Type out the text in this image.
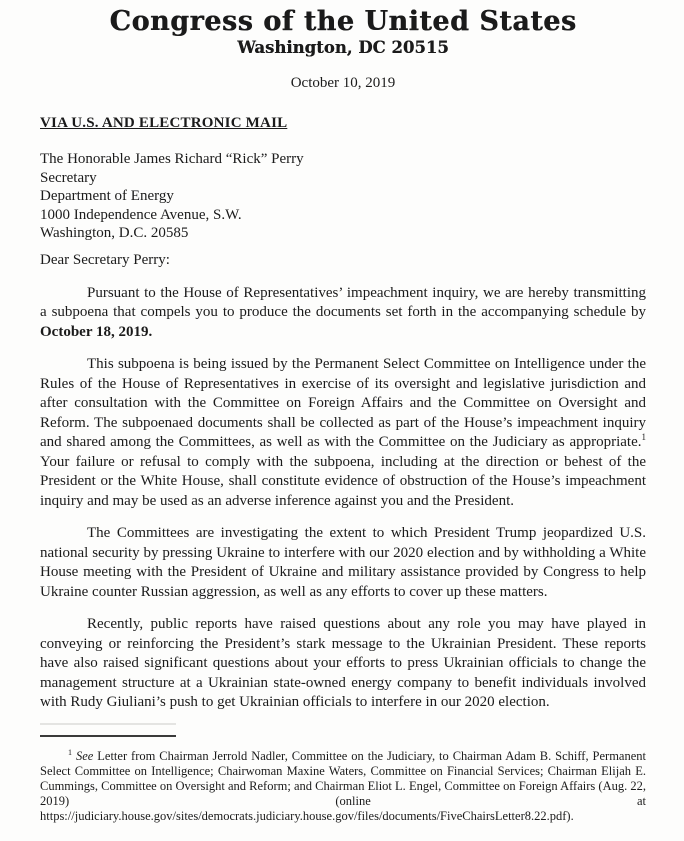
Congress of the United States
Washington, DC 20515
October 10, 2019
VIA U.S. AND ELECTRONIC MAIL
The Honorable James Richard “Rick” Perry
Secretary
Department of Energy
1000 Independence Avenue, S.W.
Washington, D.C. 20585
Dear Secretary Perry:

Pursuant to the House of Representatives’ impeachment inquiry, we are hereby transmitting a subpoena that compels you to produce the documents set forth in the accompanying schedule by October 18, 2019.

This subpoena is being issued by the Permanent Select Committee on Intelligence under the Rules of the House of Representatives in exercise of its oversight and legislative jurisdiction and after consultation with the Committee on Foreign Affairs and the Committee on Oversight and Reform. The subpoenaed documents shall be collected as part of the House’s impeachment inquiry and shared among the Committees, as well as with the Committee on the Judiciary as appropriate.$^1$ Your failure or refusal to comply with the subpoena, including at the direction or behest of the President or the White House, shall constitute evidence of obstruction of the House’s impeachment inquiry and may be used as an adverse inference against you and the President.

The Committees are investigating the extent to which President Trump jeopardized U.S. national security by pressing Ukraine to interfere with our 2020 election and by withholding a White House meeting with the President of Ukraine and military assistance provided by Congress to help Ukraine counter Russian aggression, as well as any efforts to cover up these matters.

Recently, public reports have raised questions about any role you may have played in conveying or reinforcing the President’s stark message to the Ukrainian President. These reports have also raised significant questions about your efforts to press Ukrainian officials to change the management structure at a Ukrainian state-owned energy company to benefit individuals involved with Rudy Giuliani’s push to get Ukrainian officials to interfere in our 2020 election.

$^1$ See Letter from Chairman Jerrold Nadler, Committee on the Judiciary, to Chairman Adam B. Schiff, Permanent Select Committee on Intelligence; Chairwoman Maxine Waters, Committee on Financial Services; Chairman Elijah E. Cummings, Committee on Oversight and Reform; and Chairman Eliot L. Engel, Committee on Foreign Affairs (Aug. 22, 2019) (online at https://judiciary.house.gov/sites/democrats.judiciary.house.gov/files/documents/FiveChairsLetter8.22.pdf).
